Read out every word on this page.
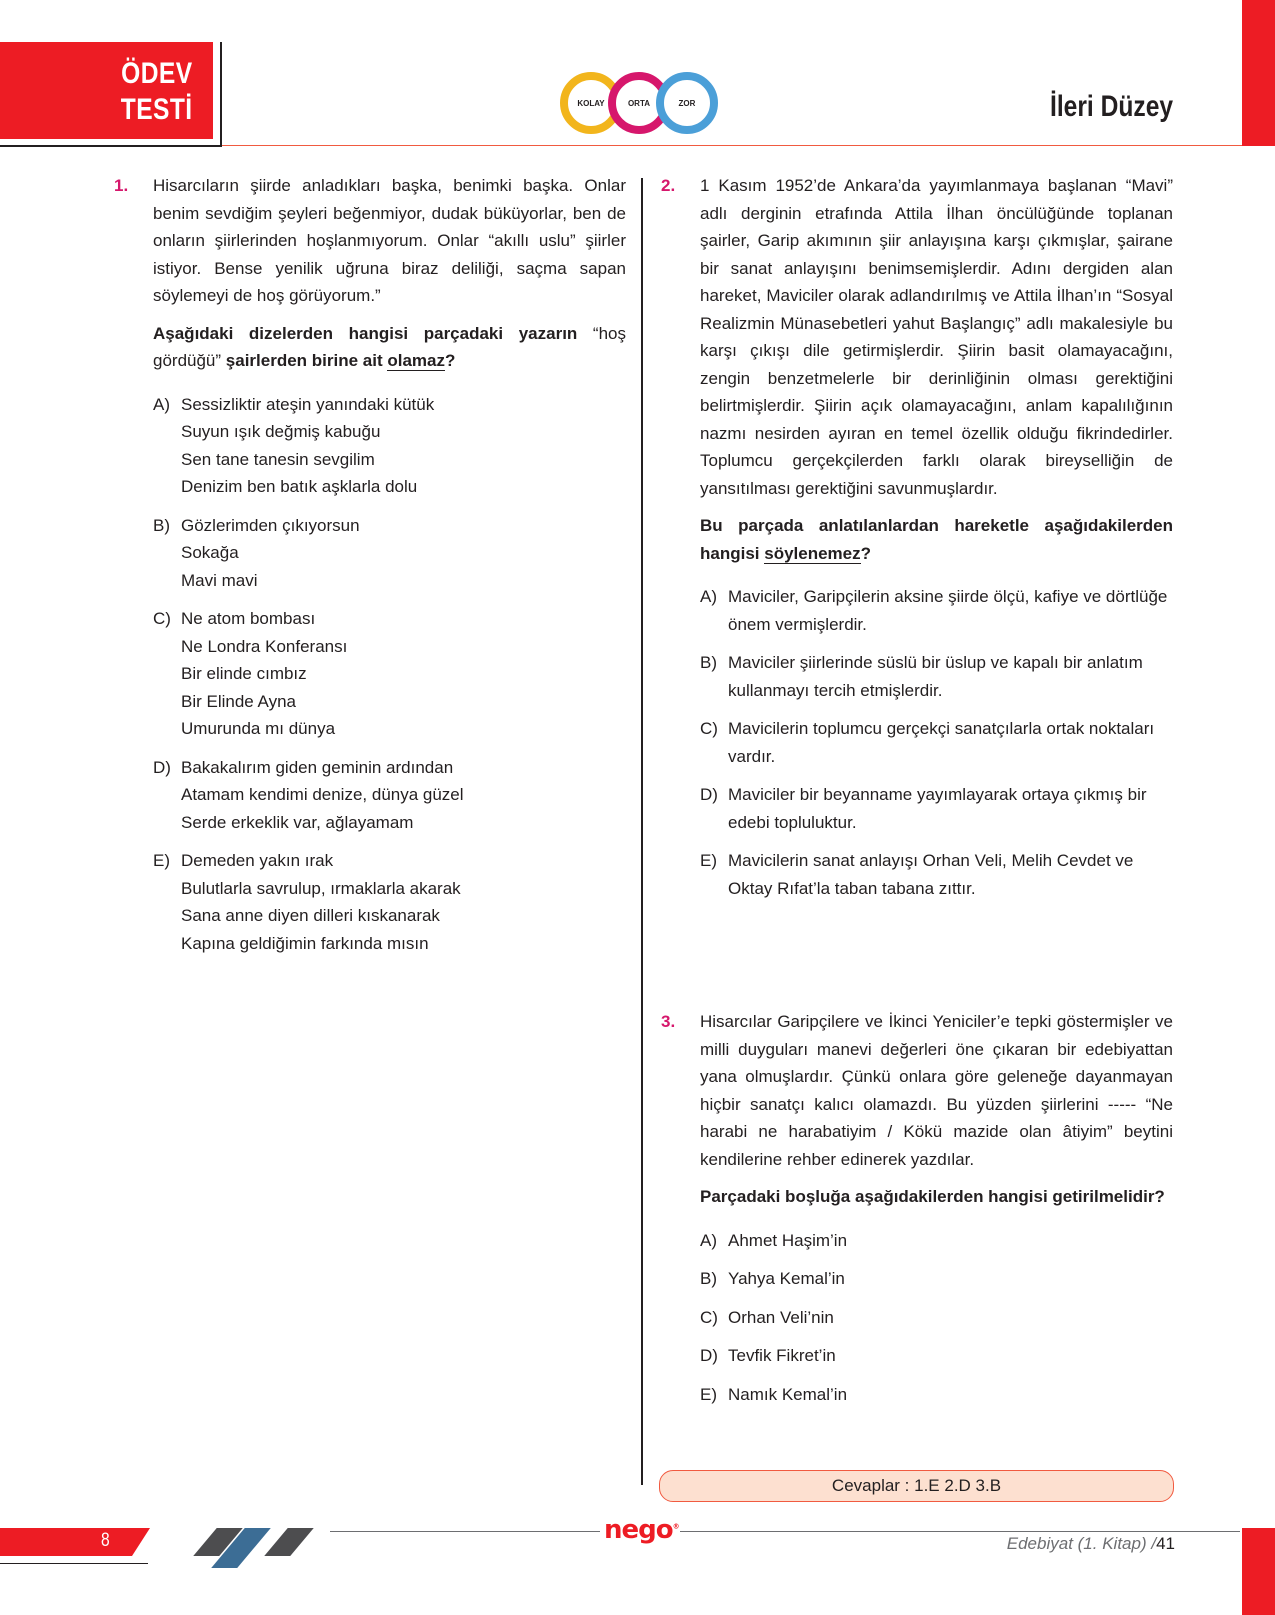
ÖDEV
TESTİ	KOLAY	ORTA	ZOR	İleri Düzey
1. Hisarcıların şiirde anladıkları başka, benimki başka. Onlar benim sevdiğim şeyleri beğenmiyor, dudak büküyorlar, ben de onların şiirlerinden hoşlanmıyorum. Onlar “akıllı uslu” şiirler istiyor. Bense yenilik uğruna biraz deliliği, saçma sapan söylemeyi de hoş görüyorum.”
Aşağıdaki dizelerden hangisi parçadaki yazarın “hoş gördüğü” şairlerden birine ait olamaz?
A) Sessizliktir ateşin yanındaki kütük
Suyun ışık değmiş kabuğu
Sen tane tanesin sevgilim
Denizim ben batık aşklarla dolu
B) Gözlerimden çıkıyorsun
Sokağa
Mavi mavi
C) Ne atom bombası
Ne Londra Konferansı
Bir elinde cımbız
Bir Elinde Ayna
Umurunda mı dünya
D) Bakakalırım giden geminin ardından
Atamam kendimi denize, dünya güzel
Serde erkeklik var, ağlayamam
E) Demeden yakın ırak
Bulutlarla savrulup, ırmaklarla akarak
Sana anne diyen dilleri kıskanarak
Kapına geldiğimin farkında mısın
2. 1 Kasım 1952’de Ankara’da yayımlanmaya başlanan “Mavi” adlı derginin etrafında Attila İlhan öncülüğünde toplanan şairler, Garip akımının şiir anlayışına karşı çıkmışlar, şairane bir sanat anlayışını benimsemişlerdir. Adını dergiden alan hareket, Maviciler olarak adlandırılmış ve Attila İlhan’ın “Sosyal Realizmin Münasebetleri yahut Başlangıç” adlı makalesiyle bu karşı çıkışı dile getirmişlerdir. Şiirin basit olamayacağını, zengin benzetmelerle bir derinliğinin olması gerektiğini belirtmişlerdir. Şiirin açık olamayacağını, anlam kapalılığının nazmı nesirden ayıran en temel özellik olduğu fikrindedirler. Toplumcu gerçekçilerden farklı olarak bireyselliğin de yansıtılması gerektiğini savunmuşlardır.
Bu parçada anlatılanlardan hareketle aşağıdakilerden hangisi söylenemez?
A) Maviciler, Garipçilerin aksine şiirde ölçü, kafiye ve dörtlüğe önem vermişlerdir.
B) Maviciler şiirlerinde süslü bir üslup ve kapalı bir anlatım kullanmayı tercih etmişlerdir.
C) Mavicilerin toplumcu gerçekçi sanatçılarla ortak noktaları vardır.
D) Maviciler bir beyanname yayımlayarak ortaya çıkmış bir edebi topluluktur.
E) Mavicilerin sanat anlayışı Orhan Veli, Melih Cevdet ve Oktay Rıfat’la taban tabana zıttır.
3. Hisarcılar Garipçilere ve İkinci Yeniciler’e tepki göstermişler ve milli duyguları manevi değerleri öne çıkaran bir edebiyattan yana olmuşlardır. Çünkü onlara göre geleneğe dayanmayan hiçbir sanatçı kalıcı olamazdı. Bu yüzden şiirlerini ----- “Ne harabi ne harabatiyim / Kökü mazide olan âtiyim” beytini kendilerine rehber edinerek yazdılar.
Parçadaki boşluğa aşağıdakilerden hangisi getirilmelidir?
A) Ahmet Haşim’in
B) Yahya Kemal’in
C) Orhan Veli’nin
D) Tevfik Fikret’in
E) Namık Kemal’in
Cevaplar : 1.E 2.D 3.B
8	nego®
Edebiyat (1. Kitap) /41
